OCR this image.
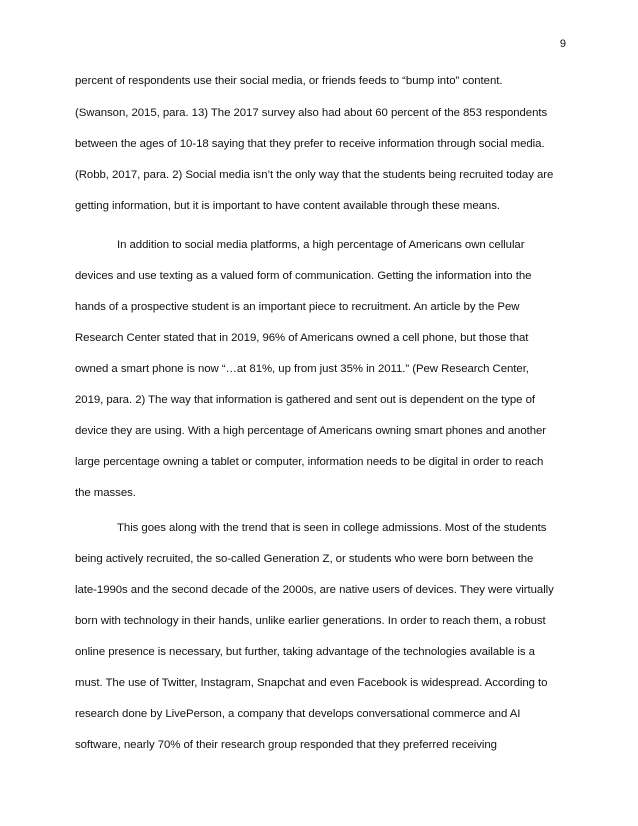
9
percent of respondents use their social media, or friends feeds to “bump into” content.
(Swanson, 2015, para. 13) The 2017 survey also had about 60 percent of the 853 respondents
between the ages of 10-18 saying that they prefer to receive information through social media.
(Robb, 2017, para. 2) Social media isn’t the only way that the students being recruited today are
getting information, but it is important to have content available through these means.
In addition to social media platforms, a high percentage of Americans own cellular
devices and use texting as a valued form of communication. Getting the information into the
hands of a prospective student is an important piece to recruitment. An article by the Pew
Research Center stated that in 2019, 96% of Americans owned a cell phone, but those that
owned a smart phone is now “…at 81%, up from just 35% in 2011.” (Pew Research Center,
2019, para. 2) The way that information is gathered and sent out is dependent on the type of
device they are using. With a high percentage of Americans owning smart phones and another
large percentage owning a tablet or computer, information needs to be digital in order to reach
the masses.
This goes along with the trend that is seen in college admissions. Most of the students
being actively recruited, the so-called Generation Z, or students who were born between the
late-1990s and the second decade of the 2000s, are native users of devices. They were virtually
born with technology in their hands, unlike earlier generations. In order to reach them, a robust
online presence is necessary, but further, taking advantage of the technologies available is a
must. The use of Twitter, Instagram, Snapchat and even Facebook is widespread. According to
research done by LivePerson, a company that develops conversational commerce and AI
software, nearly 70% of their research group responded that they preferred receiving
